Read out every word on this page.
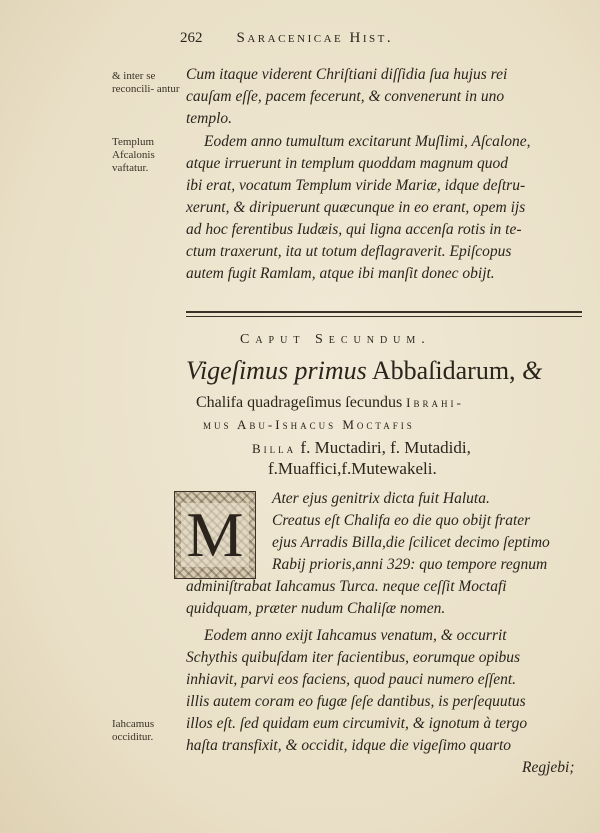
262 Saracenicae Hist.
& inter se reconcili- antur
Templum Afcalonis vaftatur.
Iahcamus occiditur.
Cum itaque viderent Chriſtiani diſſidia ſua hujus rei
cauſam eſſe, pacem fecerunt, & convenerunt in uno
templo.
Eodem anno tumultum excitarunt Muſlimi, Aſcalone,
atque irruerunt in templum quoddam magnum quod
ibi erat, vocatum Templum viride Mariæ, idque deſtru-
xerunt, & diripuerunt quæcunque in eo erant, opem ijs
ad hoc ferentibus Iudæis, qui ligna accenſa rotis in te-
ctum traxerunt, ita ut totum deflagraverit. Epiſcopus
autem fugit Ramlam, atque ibi manſit donec obijt.
Caput Secundum.
Vigeſimus primus Abbaſidarum, &
Chalifa quadrageſimus ſecundus Ibrahi-
mus Abu-Ishacus Moctafis
Billa f. Muctadiri, f. Mutadidi,
f.Muaffici,f.Mutewakeli.
M
Ater ejus genitrix dicta fuit Haluta.
Creatus eſt Chalifa eo die quo obijt frater
ejus Arradis Billa,die ſcilicet decimo ſeptimo
Rabij prioris,anni 329: quo tempore regnum
adminiſtrabat Iahcamus Turca. neque ceſſit Moctafi
quidquam, præter nudum Chaliſæ nomen.
Eodem anno exijt Iahcamus venatum, & occurrit
Schythis quibuſdam iter facientibus, eorumque opibus
inhiavit, parvi eos faciens, quod pauci numero eſſent.
illis autem coram eo fugæ ſeſe dantibus, is perſequutus
illos eſt. ſed quidam eum circumivit, & ignotum à tergo
haſta transfixit, & occidit, idque die vigeſimo quarto
Regjebi;
